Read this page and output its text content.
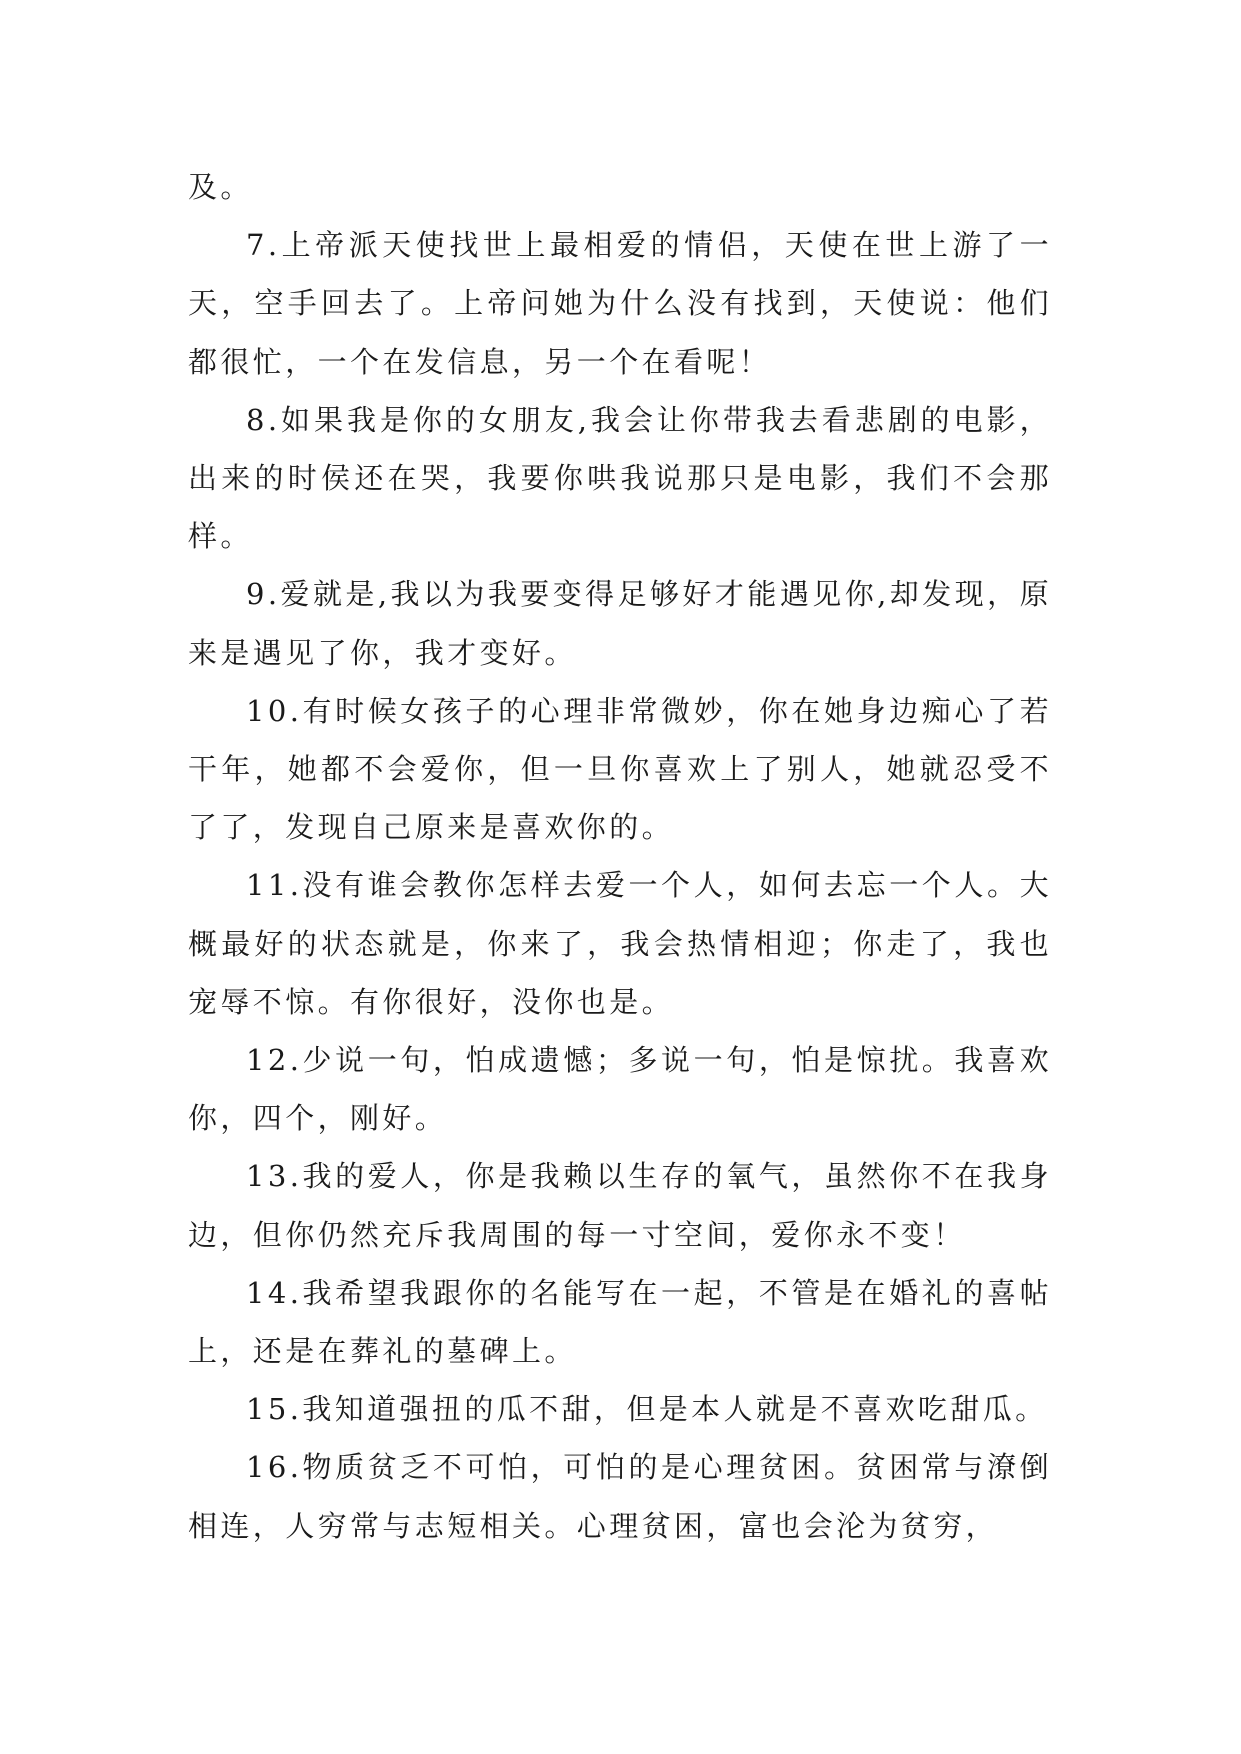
及。

7.上帝派天使找世上最相爱的情侣，天使在世上游了一天，空手回去了。上帝问她为什么没有找到，天使说：他们都很忙，一个在发信息，另一个在看呢！

8.如果我是你的女朋友,我会让你带我去看悲剧的电影，出来的时侯还在哭，我要你哄我说那只是电影，我们不会那样。

9.爱就是,我以为我要变得足够好才能遇见你,却发现，原来是遇见了你，我才变好。

10.有时候女孩子的心理非常微妙，你在她身边痴心了若干年，她都不会爱你，但一旦你喜欢上了别人，她就忍受不了了，发现自己原来是喜欢你的。

11.没有谁会教你怎样去爱一个人，如何去忘一个人。大概最好的状态就是，你来了，我会热情相迎；你走了，我也宠辱不惊。有你很好，没你也是。

12.少说一句，怕成遗憾；多说一句，怕是惊扰。我喜欢你，四个，刚好。

13.我的爱人，你是我赖以生存的氧气，虽然你不在我身边，但你仍然充斥我周围的每一寸空间，爱你永不变！

14.我希望我跟你的名能写在一起，不管是在婚礼的喜帖上，还是在葬礼的墓碑上。

15.我知道强扭的瓜不甜，但是本人就是不喜欢吃甜瓜。

16.物质贫乏不可怕，可怕的是心理贫困。贫困常与潦倒相连，人穷常与志短相关。心理贫困，富也会沦为贫穷，
